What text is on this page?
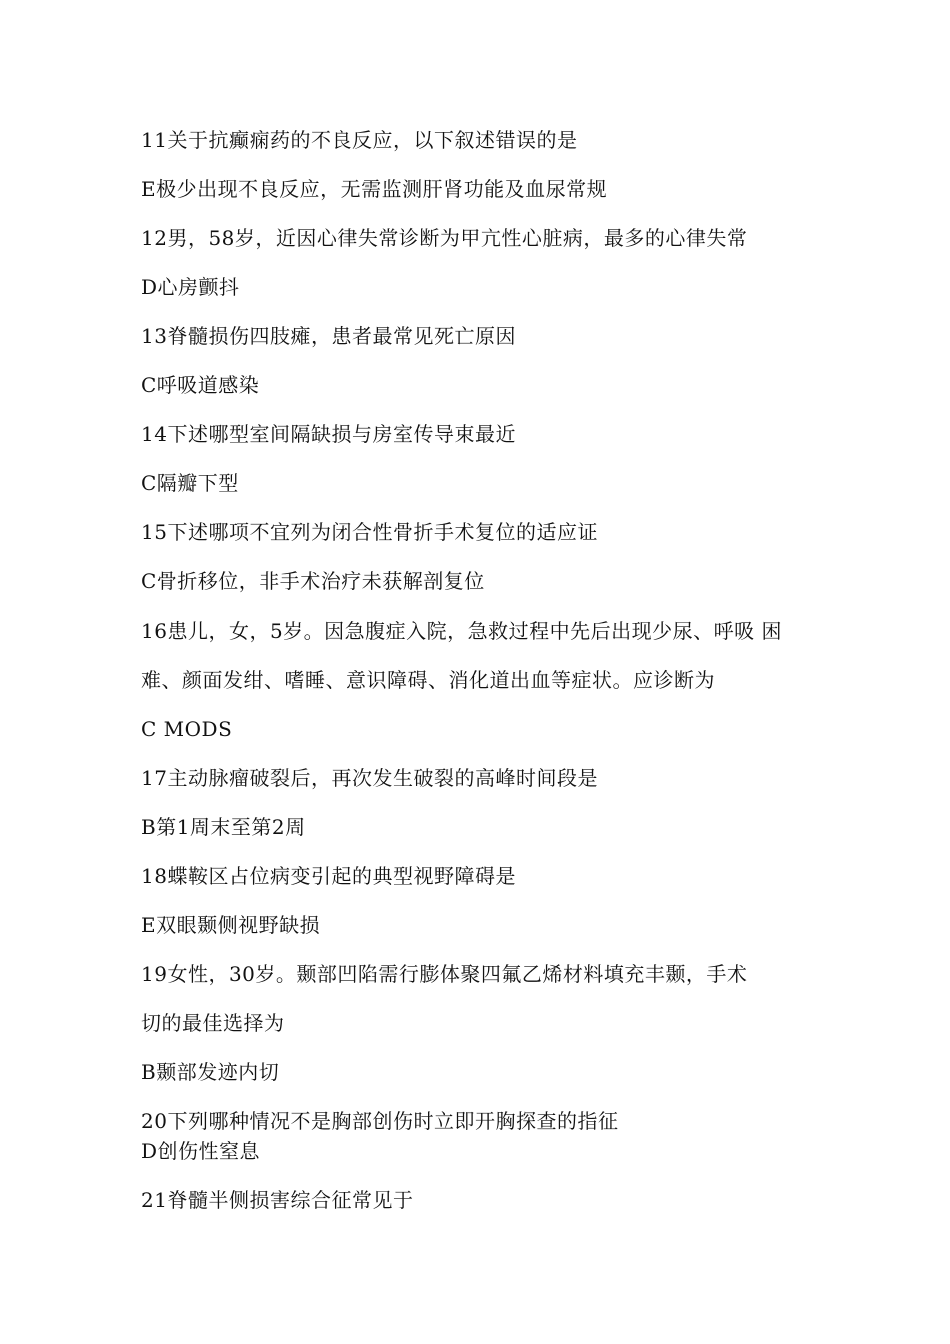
11关于抗癫痫药的不良反应，以下叙述错误的是
E极少出现不良反应，无需监测肝肾功能及血尿常规
12男，58岁，近因心律失常诊断为甲亢性心脏病，最多的心律失常
D心房颤抖
13脊髓损伤四肢瘫，患者最常见死亡原因
C呼吸道感染
14下述哪型室间隔缺损与房室传导束最近
C隔瓣下型
15下述哪项不宜列为闭合性骨折手术复位的适应证
C骨折移位，非手术治疗未获解剖复位
16患儿，女，5岁。因急腹症入院，急救过程中先后出现少尿、呼吸 困
难、颜面发绀、嗜睡、意识障碍、消化道出血等症状。应诊断为
C MODS
17主动脉瘤破裂后，再次发生破裂的高峰时间段是
B第1周末至第2周
18蝶鞍区占位病变引起的典型视野障碍是
E双眼颞侧视野缺损
19女性，30岁。颞部凹陷需行膨体聚四氟乙烯材料填充丰颞，手术
切的最佳选择为
B颞部发迹内切
20下列哪种情况不是胸部创伤时立即开胸探查的指征
D创伤性窒息
21脊髓半侧损害综合征常见于
